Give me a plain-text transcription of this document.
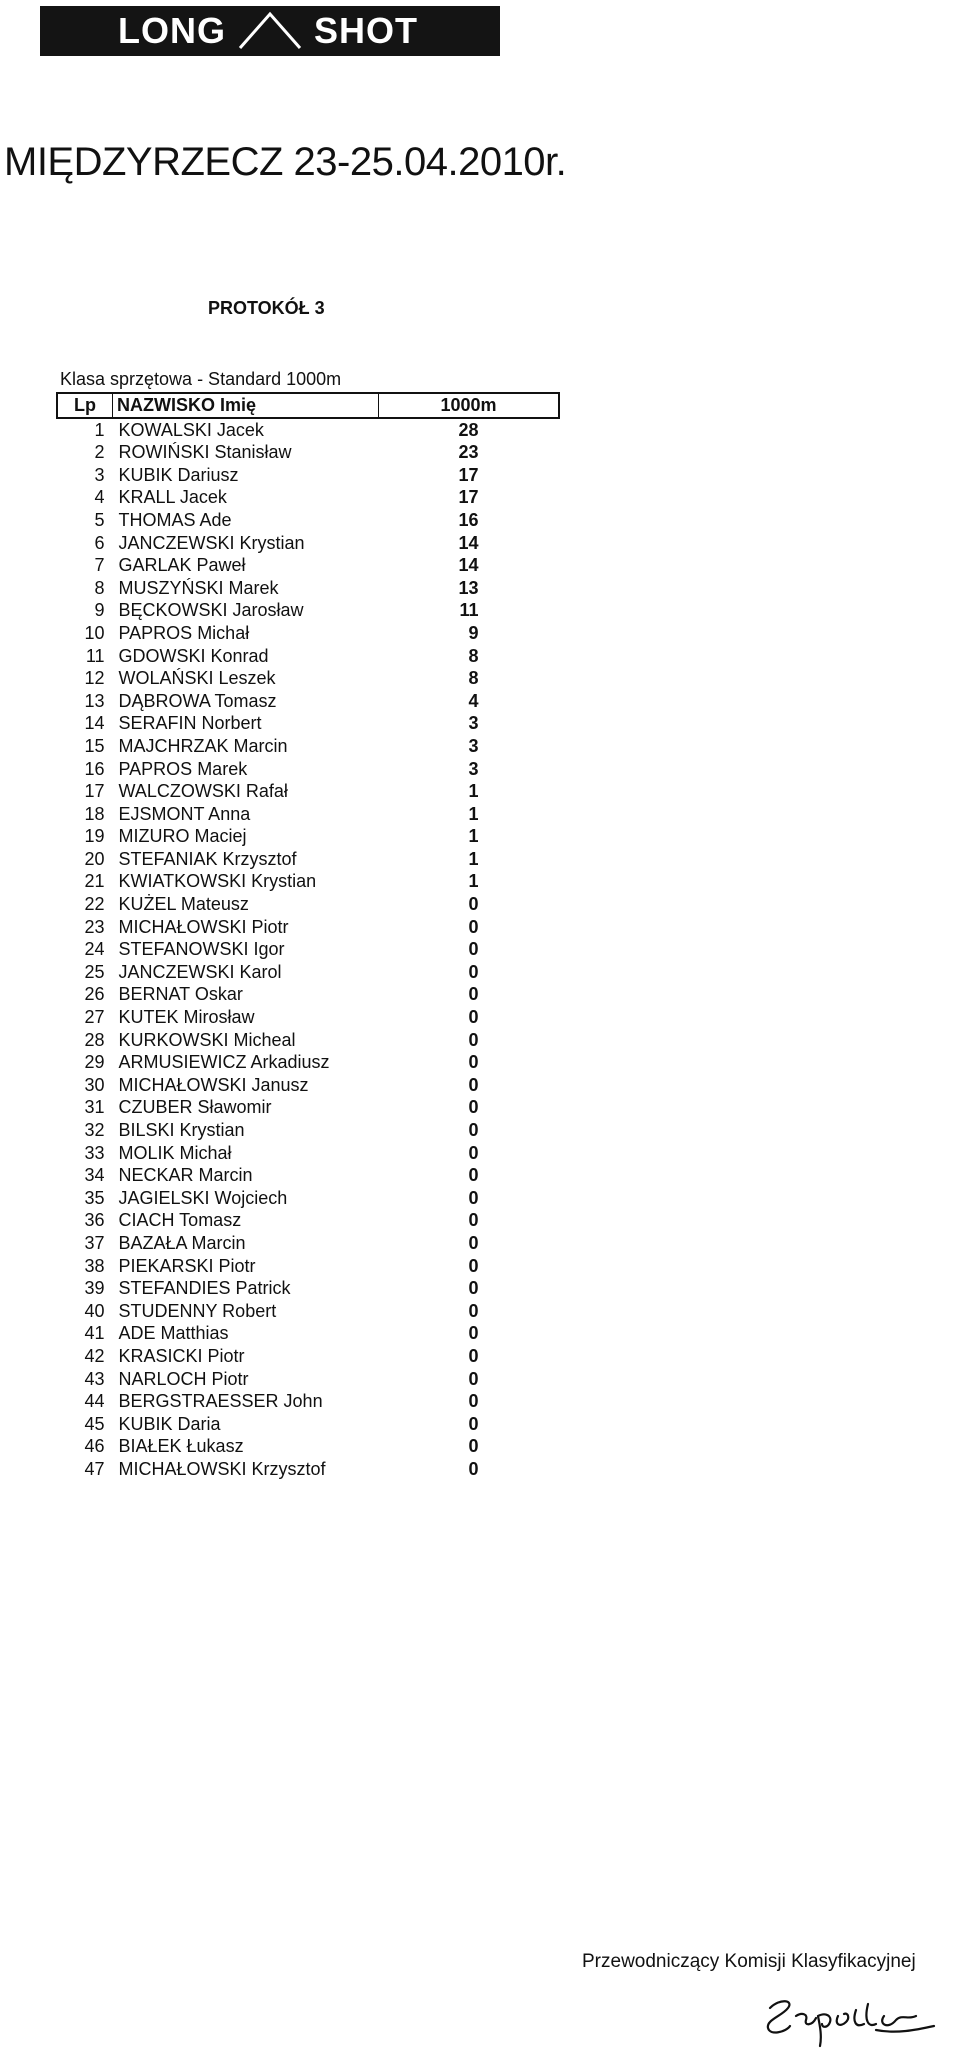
LONG SHOT
MIĘDZYRZECZ 23-25.04.2010r.
PROTOKÓŁ 3
Klasa sprzętowa - Standard 1000m
Lp	NAZWISKO Imię	1000m
1	KOWALSKI Jacek	28
2	ROWIŃSKI Stanisław	23
3	KUBIK Dariusz	17
4	KRALL Jacek	17
5	THOMAS Ade	16
6	JANCZEWSKI Krystian	14
7	GARLAK Paweł	14
8	MUSZYŃSKI Marek	13
9	BĘCKOWSKI Jarosław	11
10	PAPROS Michał	9
11	GDOWSKI Konrad	8
12	WOLAŃSKI Leszek	8
13	DĄBROWA Tomasz	4
14	SERAFIN Norbert	3
15	MAJCHRZAK Marcin	3
16	PAPROS Marek	3
17	WALCZOWSKI Rafał	1
18	EJSMONT Anna	1
19	MIZURO Maciej	1
20	STEFANIAK Krzysztof	1
21	KWIATKOWSKI Krystian	1
22	KUŻEL Mateusz	0
23	MICHAŁOWSKI Piotr	0
24	STEFANOWSKI Igor	0
25	JANCZEWSKI Karol	0
26	BERNAT Oskar	0
27	KUTEK Mirosław	0
28	KURKOWSKI Micheal	0
29	ARMUSIEWICZ Arkadiusz	0
30	MICHAŁOWSKI Janusz	0
31	CZUBER Sławomir	0
32	BILSKI Krystian	0
33	MOLIK Michał	0
34	NECKAR Marcin	0
35	JAGIELSKI Wojciech	0
36	CIACH Tomasz	0
37	BAZAŁA Marcin	0
38	PIEKARSKI Piotr	0
39	STEFANDIES Patrick	0
40	STUDENNY Robert	0
41	ADE Matthias	0
42	KRASICKI Piotr	0
43	NARLOCH Piotr	0
44	BERGSTRAESSER John	0
45	KUBIK Daria	0
46	BIAŁEK Łukasz	0
47	MICHAŁOWSKI Krzysztof	0
Przewodniczący Komisji Klasyfikacyjnej
